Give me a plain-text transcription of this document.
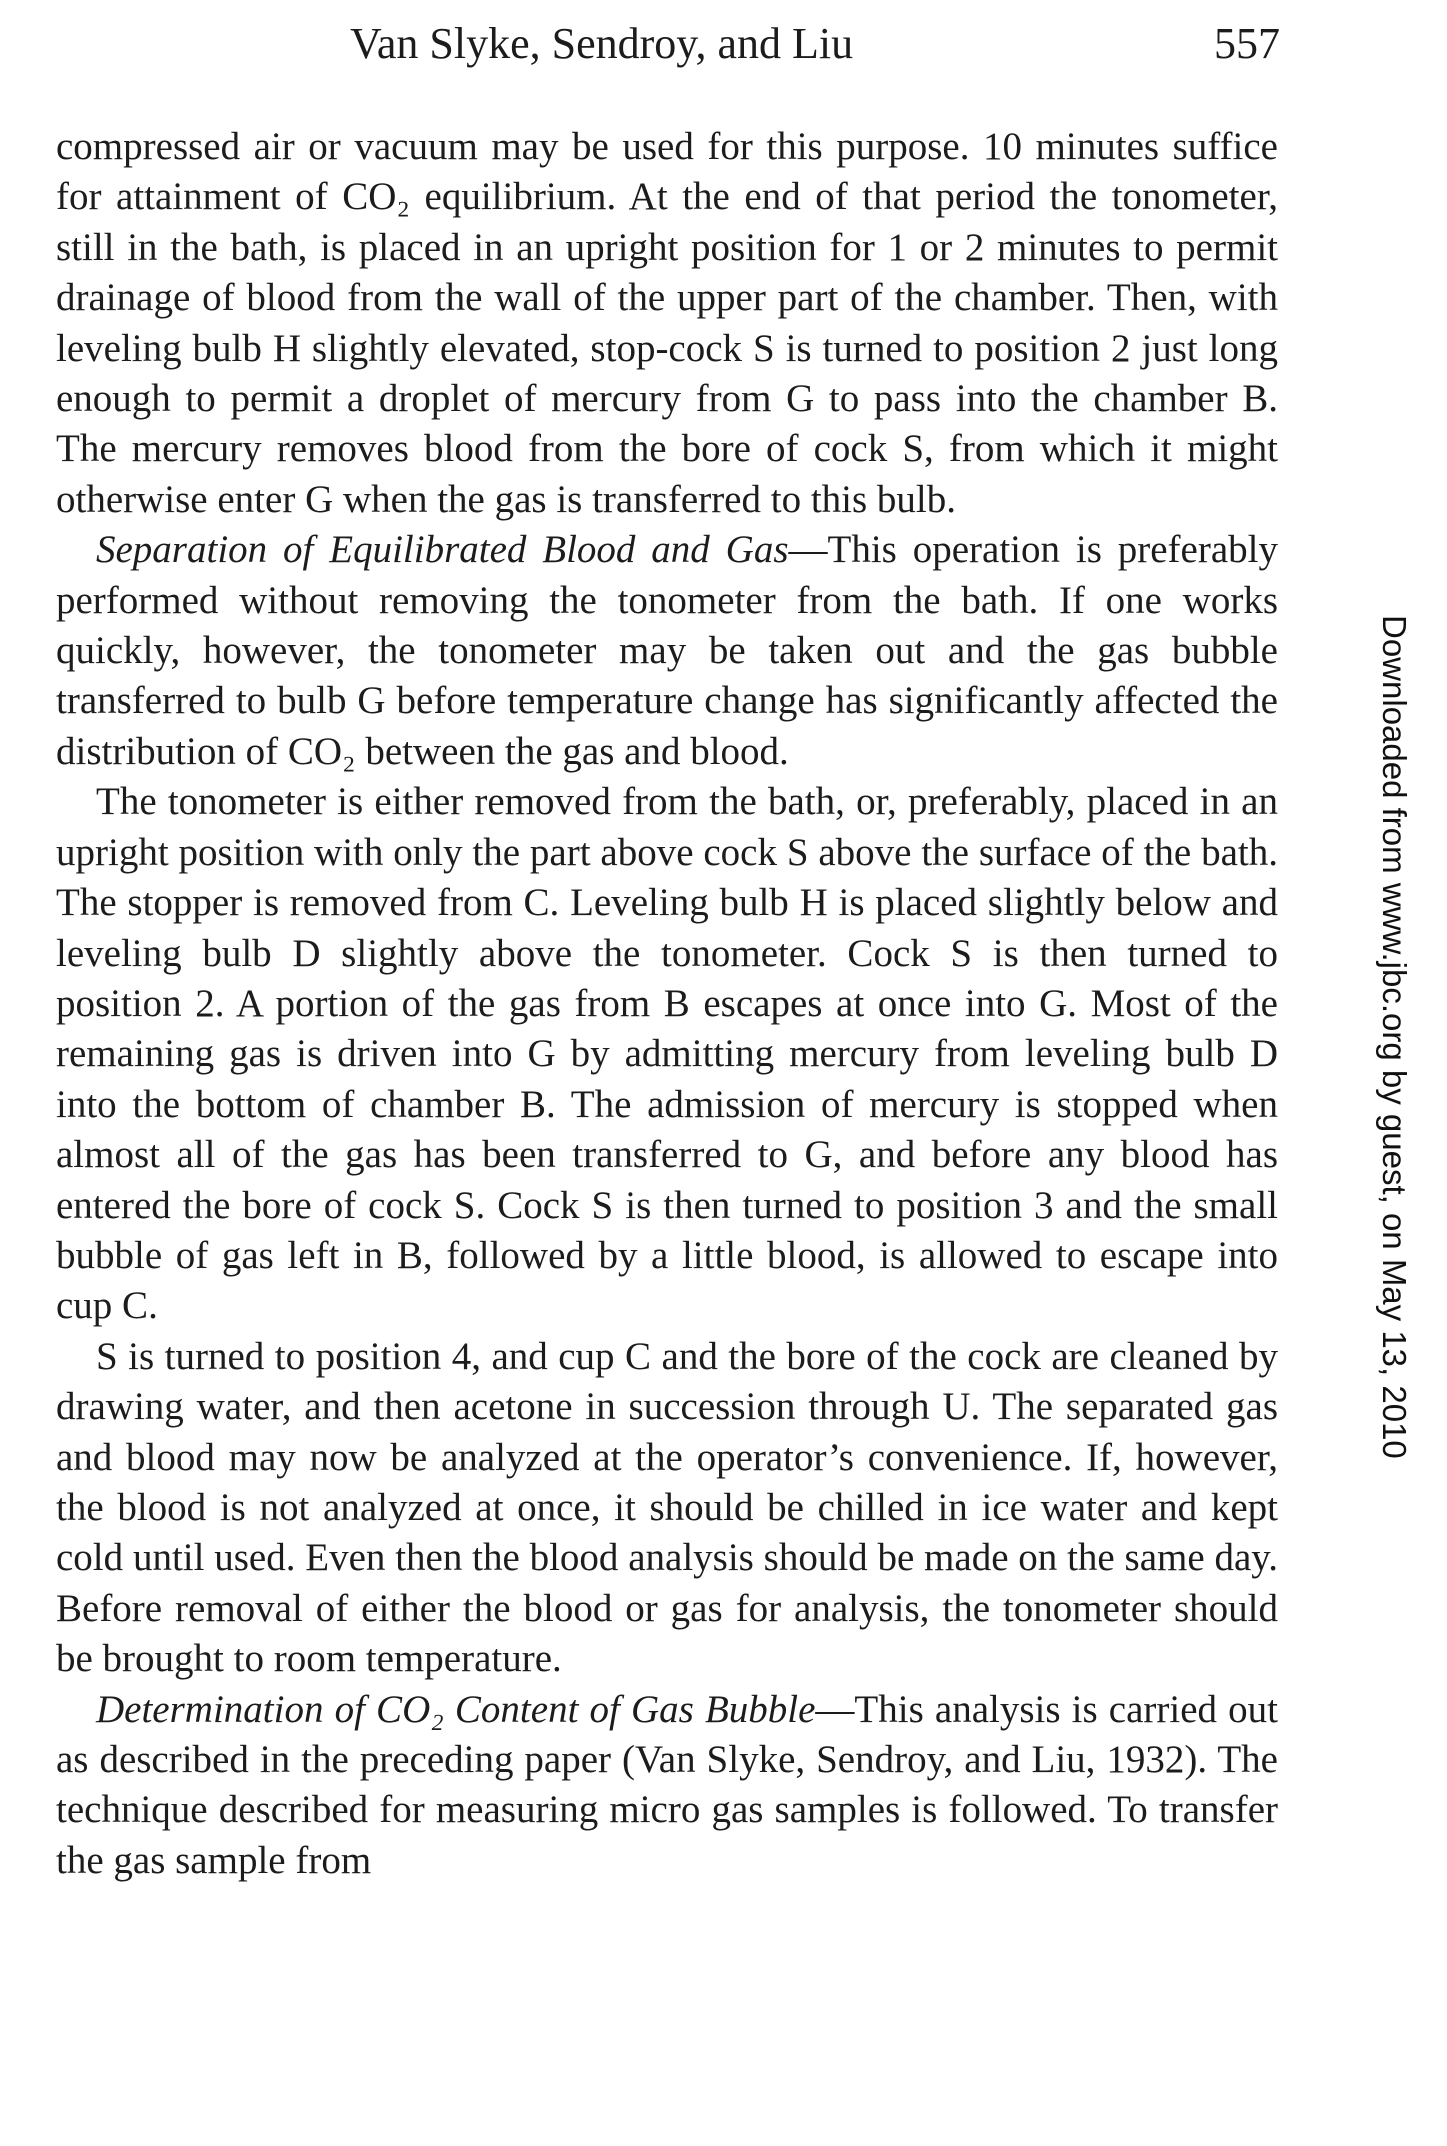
Van Slyke, Sendroy, and Liu	557

compressed air or vacuum may be used for this purpose. 10 minutes suffice for attainment of CO₂ equilibrium. At the end of that period the tonometer, still in the bath, is placed in an upright position for 1 or 2 minutes to permit drainage of blood from the wall of the upper part of the chamber. Then, with leveling bulb H slightly elevated, stop-cock S is turned to position 2 just long enough to permit a droplet of mercury from G to pass into the chamber B. The mercury removes blood from the bore of cock S, from which it might otherwise enter G when the gas is transferred to this bulb.

Separation of Equilibrated Blood and Gas—This operation is preferably performed without removing the tonometer from the bath. If one works quickly, however, the tonometer may be taken out and the gas bubble transferred to bulb G before temperature change has significantly affected the distribution of CO₂ between the gas and blood.

The tonometer is either removed from the bath, or, preferably, placed in an upright position with only the part above cock S above the surface of the bath. The stopper is removed from C. Leveling bulb H is placed slightly below and leveling bulb D slightly above the tonometer. Cock S is then turned to position 2. A portion of the gas from B escapes at once into G. Most of the remaining gas is driven into G by admitting mercury from leveling bulb D into the bottom of chamber B. The admission of mercury is stopped when almost all of the gas has been transferred to G, and before any blood has entered the bore of cock S. Cock S is then turned to position 3 and the small bubble of gas left in B, followed by a little blood, is allowed to escape into cup C.

S is turned to position 4, and cup C and the bore of the cock are cleaned by drawing water, and then acetone in succession through U. The separated gas and blood may now be analyzed at the operator’s convenience. If, however, the blood is not analyzed at once, it should be chilled in ice water and kept cold until used. Even then the blood analysis should be made on the same day. Before removal of either the blood or gas for analysis, the tonometer should be brought to room temperature.

Determination of CO₂ Content of Gas Bubble—This analysis is carried out as described in the preceding paper (Van Slyke, Sendroy, and Liu, 1932). The technique described for measuring micro gas samples is followed. To transfer the gas sample from

Downloaded from www.jbc.org by guest, on May 13, 2010
